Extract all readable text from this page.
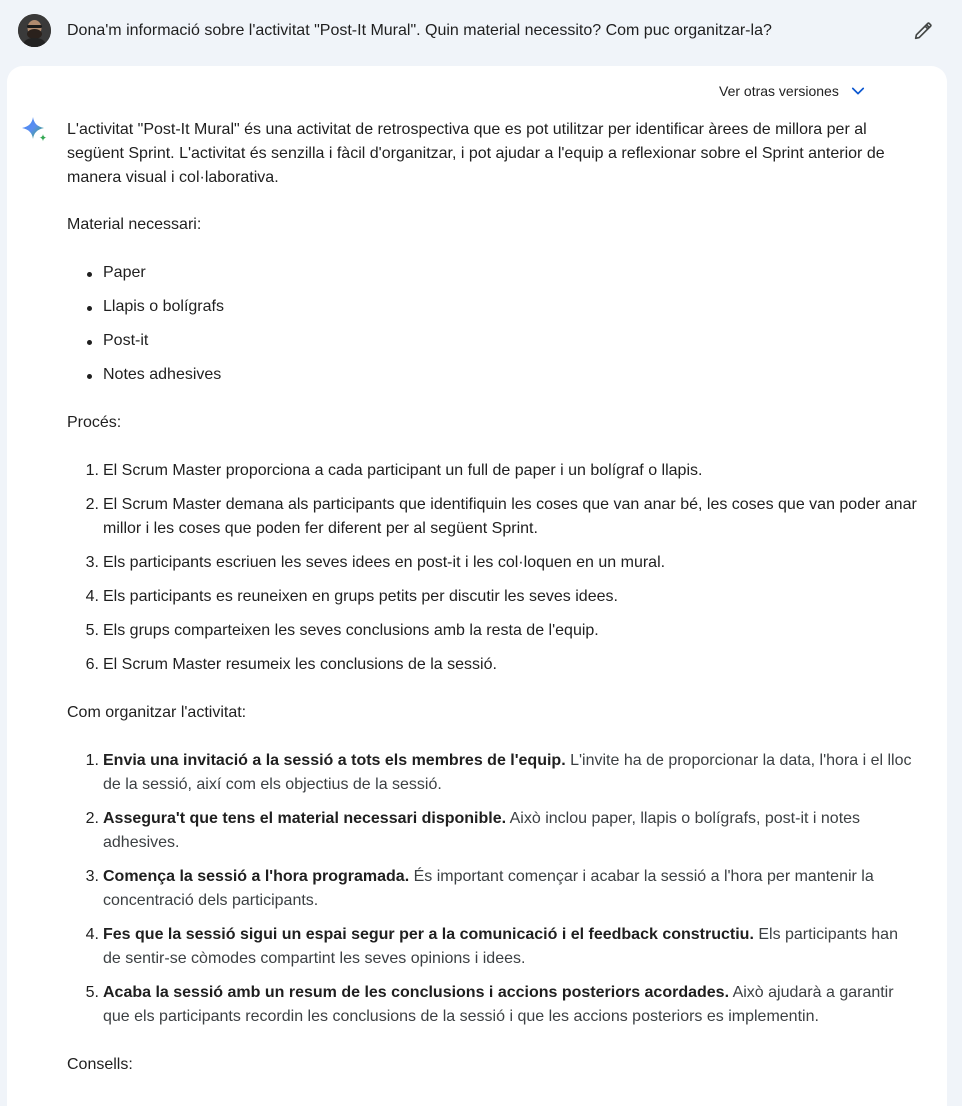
Dona'm informació sobre l'activitat "Post-It Mural". Quin material necessito? Com puc organitzar-la?
Ver otras versiones

L'activitat "Post-It Mural" és una activitat de retrospectiva que es pot utilitzar per identificar àrees de millora per al següent Sprint. L'activitat és senzilla i fàcil d'organitzar, i pot ajudar a l'equip a reflexionar sobre el Sprint anterior de manera visual i col·laborativa.

Material necessari:
Paper
Llapis o bolígrafs
Post-it
Notes adhesives
Procés:
1. El Scrum Master proporciona a cada participant un full de paper i un bolígraf o llapis.
2. El Scrum Master demana als participants que identifiquin les coses que van anar bé, les coses que van poder anar millor i les coses que poden fer diferent per al següent Sprint.
3. Els participants escriuen les seves idees en post-it i les col·loquen en un mural.
4. Els participants es reuneixen en grups petits per discutir les seves idees.
5. Els grups comparteixen les seves conclusions amb la resta de l'equip.
6. El Scrum Master resumeix les conclusions de la sessió.
Com organitzar l'activitat:
1. Envia una invitació a la sessió a tots els membres de l'equip. L'invite ha de proporcionar la data, l'hora i el lloc de la sessió, així com els objectius de la sessió.
2. Assegura't que tens el material necessari disponible. Això inclou paper, llapis o bolígrafs, post-it i notes adhesives.
3. Comença la sessió a l'hora programada. És important començar i acabar la sessió a l'hora per mantenir la concentració dels participants.
4. Fes que la sessió sigui un espai segur per a la comunicació i el feedback constructiu. Els participants han de sentir-se còmodes compartint les seves opinions i idees.
5. Acaba la sessió amb un resum de les conclusions i accions posteriors acordades. Això ajudarà a garantir que els participants recordin les conclusions de la sessió i que les accions posteriors es implementin.
Consells:
